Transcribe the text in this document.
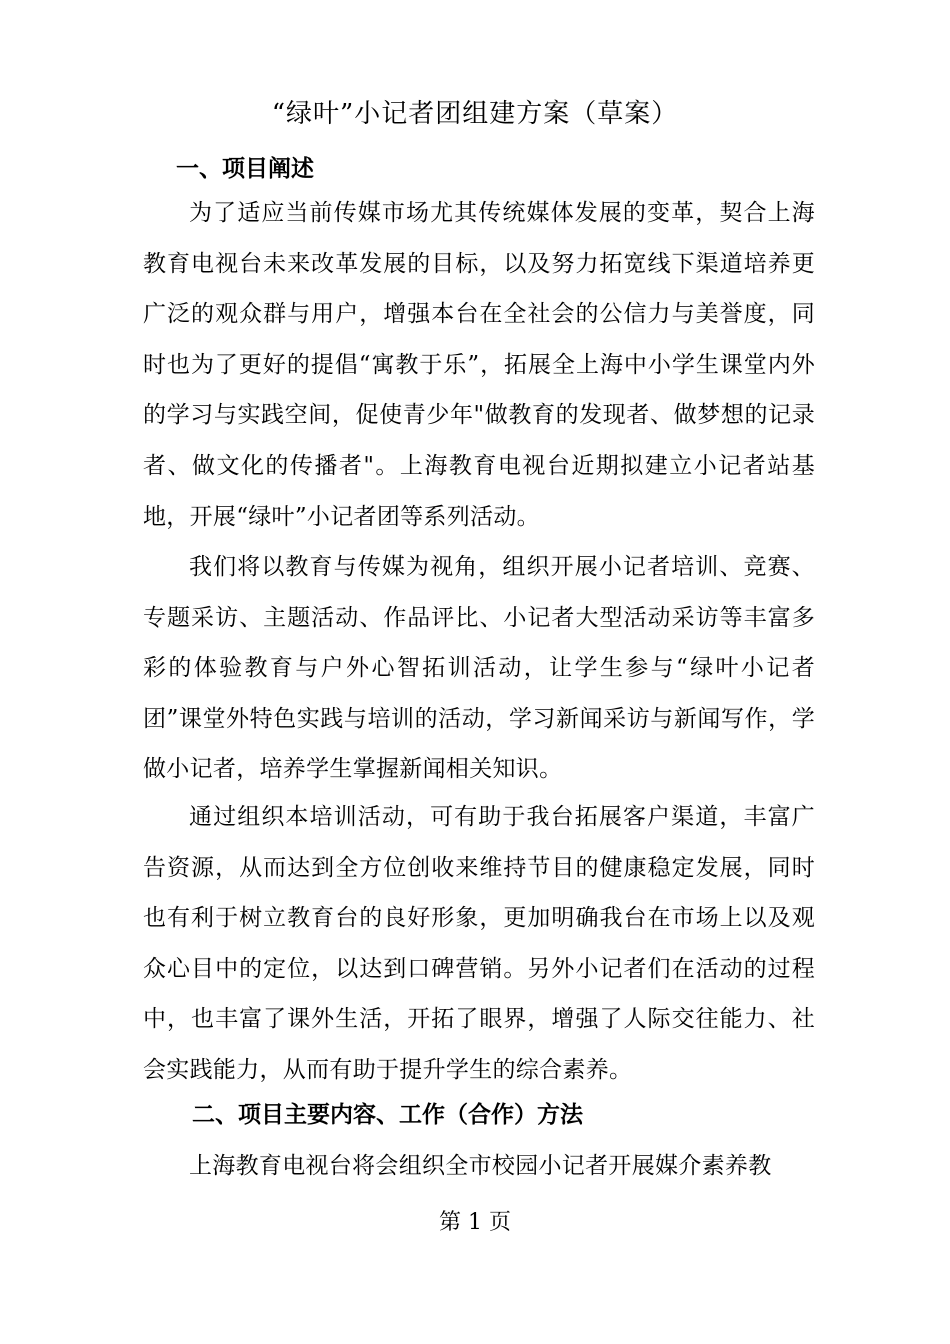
“绿叶”小记者团组建方案（草案）
一、项目阐述
为了适应当前传媒市场尤其传统媒体发展的变革，契合上海教育电视台未来改革发展的目标，以及努力拓宽线下渠道培养更广泛的观众群与用户，增强本台在全社会的公信力与美誉度，同时也为了更好的提倡“寓教于乐”，拓展全上海中小学生课堂内外的学习与实践空间，促使青少年"做教育的发现者、做梦想的记录者、做文化的传播者"。上海教育电视台近期拟建立小记者站基地，开展“绿叶”小记者团等系列活动。
我们将以教育与传媒为视角，组织开展小记者培训、竞赛、专题采访、主题活动、作品评比、小记者大型活动采访等丰富多彩的体验教育与户外心智拓训活动，让学生参与“绿叶小记者团”课堂外特色实践与培训的活动，学习新闻采访与新闻写作，学做小记者，培养学生掌握新闻相关知识。
通过组织本培训活动，可有助于我台拓展客户渠道，丰富广告资源，从而达到全方位创收来维持节目的健康稳定发展，同时也有利于树立教育台的良好形象，更加明确我台在市场上以及观众心目中的定位，以达到口碑营销。另外小记者们在活动的过程中，也丰富了课外生活，开拓了眼界，增强了人际交往能力、社会实践能力，从而有助于提升学生的综合素养。
二、项目主要内容、工作（合作）方法
上海教育电视台将会组织全市校园小记者开展媒介素养教
第 1 页
